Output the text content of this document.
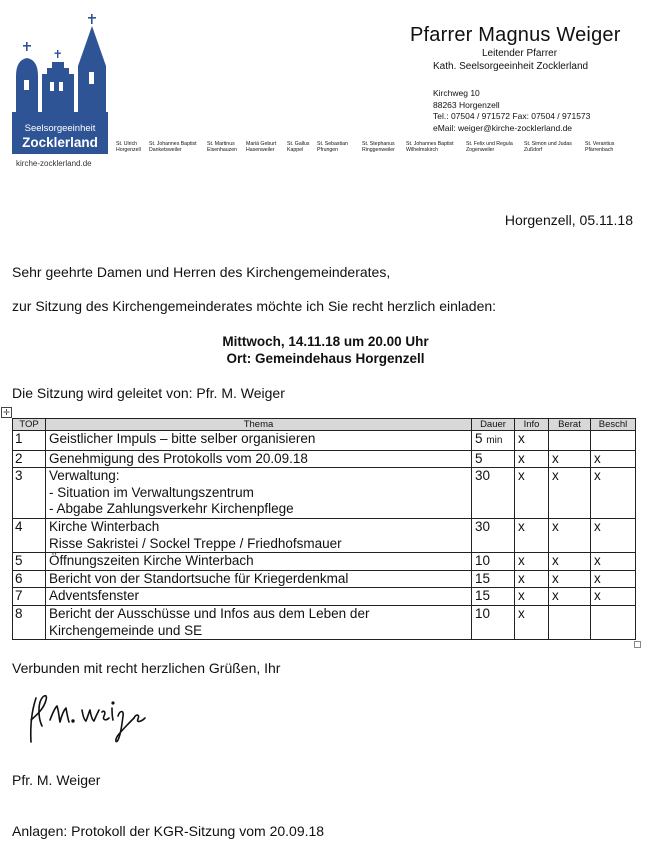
Seelsorgeeinheit
Zocklerland
kirche-zocklerland.de
Pfarrer Magnus Weiger
Leitender Pfarrer
Kath. Seelsorgeeinheit Zocklerland
Kirchweg 10
88263 Horgenzell
Tel.: 07504 / 971572 Fax: 07504 / 971573
eMail: weiger@kirche-zocklerland.de
St. Ulrich
Horgenzell
St. Johannes Baptist
Danketsweiler
St. Martinus
Eisenhauzen
Mariä Geburt
Hasenweiler
St. Gallus
Kappel
St. Sebastian
Pfrungen
St. Stephanus
Ringgenweiler
St. Johannes Baptist
Wilhelmskirch
St. Felix und Regula
Zogenweiler
St. Simon und Judas
Zußdorf
St. Verantius
Pfärrenbach
Horgenzell, 05.11.18
Sehr geehrte Damen und Herren des Kirchengemeinderates,
zur Sitzung des Kirchengemeinderates möchte ich Sie recht herzlich einladen:
Mittwoch, 14.11.18 um 20.00 Uhr
Ort: Gemeindehaus Horgenzell
Die Sitzung wird geleitet von: Pfr. M. Weiger
✛
TOP	Thema	Dauer	Info	Berat	Beschl
1	Geistlicher Impuls – bitte selber organisieren	5 min	x		
2	Genehmigung des Protokolls vom 20.09.18	5	x	x	x
3	Verwaltung:
- Situation im Verwaltungszentrum
- Abgabe Zahlungsverkehr Kirchenpflege	30	x	x	x
4	Kirche Winterbach
Risse Sakristei / Sockel Treppe / Friedhofsmauer	30	x	x	x
5	Öffnungszeiten Kirche Winterbach	10	x	x	x
6	Bericht von der Standortsuche für Kriegerdenkmal	15	x	x	x
7	Adventsfenster	15	x	x	x
8	Bericht der Ausschüsse und Infos aus dem Leben der
Kirchengemeinde und SE	10	x		
Verbunden mit recht herzlichen Grüßen, Ihr
Pfr. M. Weiger
Anlagen: Protokoll der KGR-Sitzung vom 20.09.18
